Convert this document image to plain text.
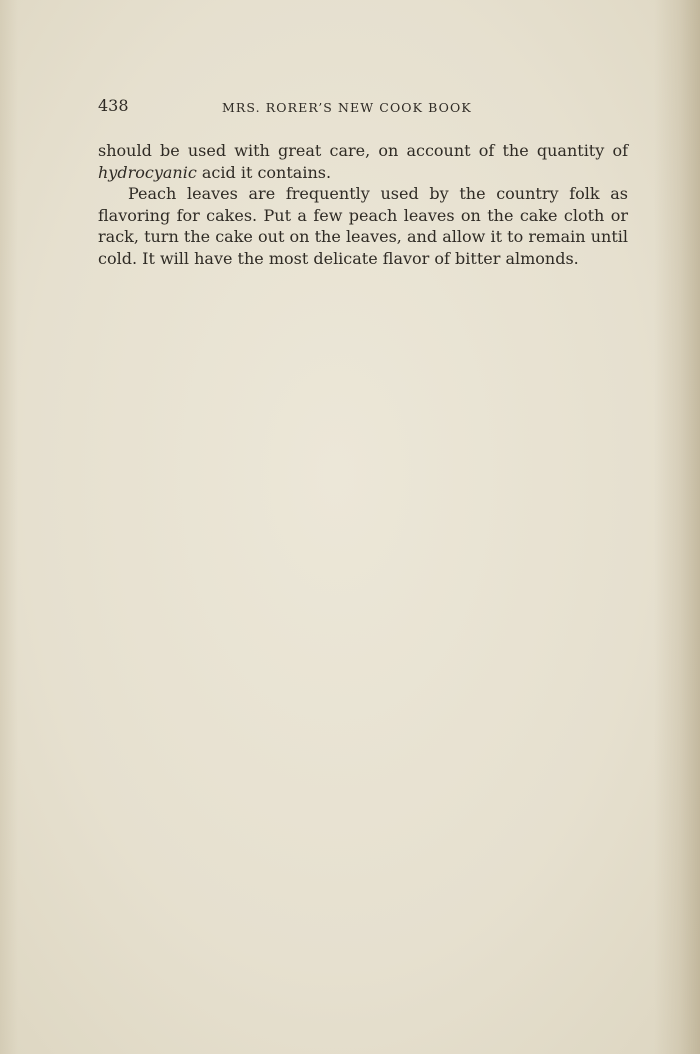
438	MRS. RORER’S NEW COOK BOOK

should be used with great care, on account of the quantity of hydrocyanic acid it contains.

Peach leaves are frequently used by the country folk as flavoring for cakes. Put a few peach leaves on the cake cloth or rack, turn the cake out on the leaves, and allow it to remain until cold. It will have the most delicate flavor of bitter almonds.
